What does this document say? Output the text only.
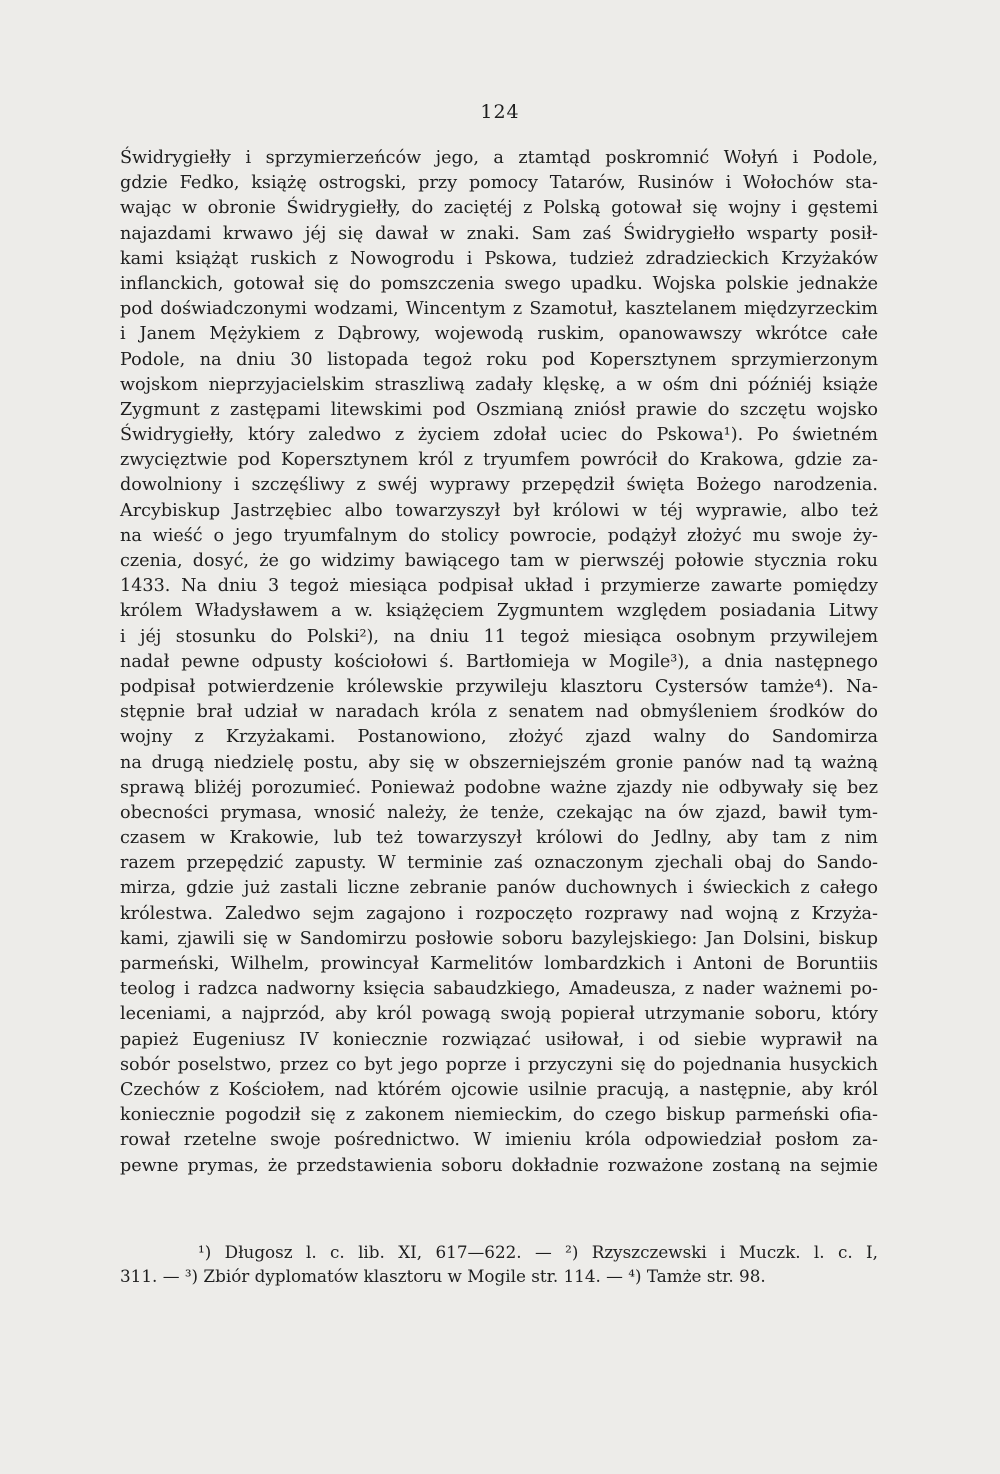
124
Świdrygiełły i sprzymierzeńców jego, a ztamtąd poskromnić Wołyń i Podole,
gdzie Fedko, książę ostrogski, przy pomocy Tatarów, Rusinów i Wołochów sta-
wając w obronie Świdrygiełły, do zaciętéj z Polską gotował się wojny i gęstemi
najazdami krwawo jéj się dawał w znaki. Sam zaś Świdrygiełło wsparty posił-
kami książąt ruskich z Nowogrodu i Pskowa, tudzież zdradzieckich Krzyżaków
inflanckich, gotował się do pomszczenia swego upadku. Wojska polskie jednakże
pod doświadczonymi wodzami, Wincentym z Szamotuł, kasztelanem międzyrzeckim
i Janem Mężykiem z Dąbrowy, wojewodą ruskim, opanowawszy wkrótce całe
Podole, na dniu 30 listopada tegoż roku pod Kopersztynem sprzymierzonym
wojskom nieprzyjacielskim straszliwą zadały klęskę, a w ośm dni późniéj książe
Zygmunt z zastępami litewskimi pod Oszmianą zniósł prawie do szczętu wojsko
Świdrygiełły, który zaledwo z życiem zdołał uciec do Pskowa¹). Po świetném
zwycięztwie pod Kopersztynem król z tryumfem powrócił do Krakowa, gdzie za-
dowolniony i szczęśliwy z swéj wyprawy przepędził święta Bożego narodzenia.
Arcybiskup Jastrzębiec albo towarzyszył był królowi w téj wyprawie, albo też
na wieść o jego tryumfalnym do stolicy powrocie, podążył złożyć mu swoje ży-
czenia, dosyć, że go widzimy bawiącego tam w pierwszéj połowie stycznia roku
1433. Na dniu 3 tegoż miesiąca podpisał układ i przymierze zawarte pomiędzy
królem Władysławem a w. książęciem Zygmuntem względem posiadania Litwy
i jéj stosunku do Polski²), na dniu 11 tegoż miesiąca osobnym przywilejem
nadał pewne odpusty kościołowi ś. Bartłomieja w Mogile³), a dnia następnego
podpisał potwierdzenie królewskie przywileju klasztoru Cystersów tamże⁴). Na-
stępnie brał udział w naradach króla z senatem nad obmyśleniem środków do
wojny z Krzyżakami. Postanowiono, złożyć zjazd walny do Sandomirza
na drugą niedzielę postu, aby się w obszerniejszém gronie panów nad tą ważną
sprawą bliżéj porozumieć. Ponieważ podobne ważne zjazdy nie odbywały się bez
obecności prymasa, wnosić należy, że tenże, czekając na ów zjazd, bawił tym-
czasem w Krakowie, lub też towarzyszył królowi do Jedlny, aby tam z nim
razem przepędzić zapusty. W terminie zaś oznaczonym zjechali obaj do Sando-
mirza, gdzie już zastali liczne zebranie panów duchownych i świeckich z całego
królestwa. Zaledwo sejm zagajono i rozpoczęto rozprawy nad wojną z Krzyża-
kami, zjawili się w Sandomirzu posłowie soboru bazylejskiego: Jan Dolsini, biskup
parmeński, Wilhelm, prowincyał Karmelitów lombardzkich i Antoni de Boruntiis
teolog i radzca nadworny księcia sabaudzkiego, Amadeusza, z nader ważnemi po-
leceniami, a najprzód, aby król powagą swoją popierał utrzymanie soboru, który
papież Eugeniusz IV koniecznie rozwiązać usiłował, i od siebie wyprawił na
sobór poselstwo, przez co byt jego poprze i przyczyni się do pojednania husyckich
Czechów z Kościołem, nad którém ojcowie usilnie pracują, a następnie, aby król
koniecznie pogodził się z zakonem niemieckim, do czego biskup parmeński ofia-
rował rzetelne swoje pośrednictwo. W imieniu króla odpowiedział posłom za-
pewne prymas, że przedstawienia soboru dokładnie rozważone zostaną na sejmie
¹) Długosz l. c. lib. XI, 617—622. — ²) Rzyszczewski i Muczk. l. c. I,
311. — ³) Zbiór dyplomatów klasztoru w Mogile str. 114. — ⁴) Tamże str. 98.
